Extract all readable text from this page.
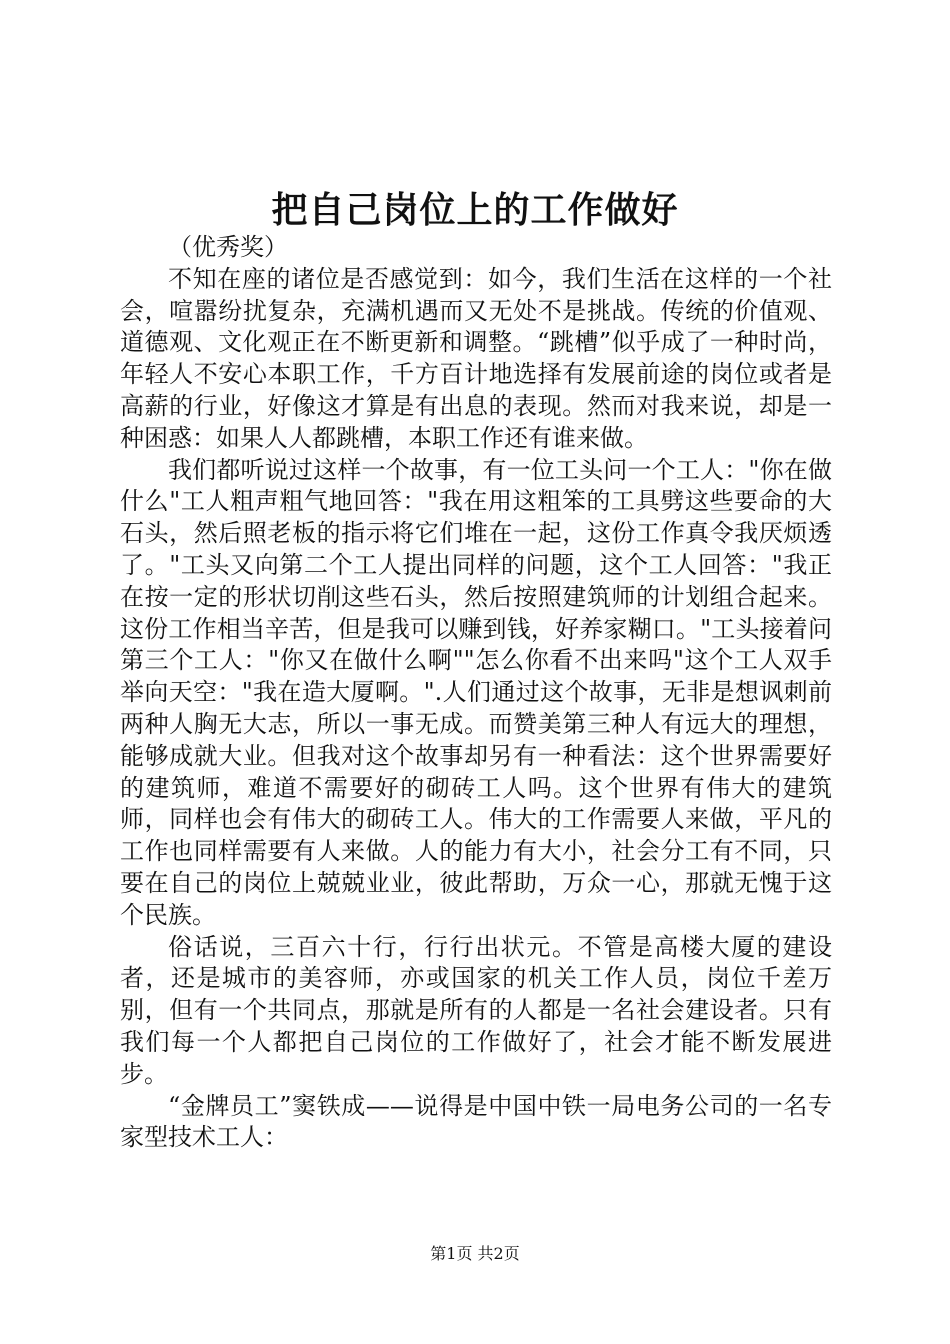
把自己岗位上的工作做好

（优秀奖）

不知在座的诸位是否感觉到：如今，我们生活在这样的一个社会，喧嚣纷扰复杂，充满机遇而又无处不是挑战。传统的价值观、道德观、文化观正在不断更新和调整。“跳槽”似乎成了一种时尚，年轻人不安心本职工作，千方百计地选择有发展前途的岗位或者是高薪的行业，好像这才算是有出息的表现。然而对我来说，却是一种困惑：如果人人都跳槽，本职工作还有谁来做。

我们都听说过这样一个故事，有一位工头问一个工人："你在做什么"工人粗声粗气地回答："我在用这粗笨的工具劈这些要命的大石头，然后照老板的指示将它们堆在一起，这份工作真令我厌烦透了。"工头又向第二个工人提出同样的问题，这个工人回答："我正在按一定的形状切削这些石头，然后按照建筑师的计划组合起来。这份工作相当辛苦，但是我可以赚到钱，好养家糊口。"工头接着问第三个工人："你又在做什么啊""怎么你看不出来吗"这个工人双手举向天空："我在造大厦啊。".人们通过这个故事，无非是想讽刺前两种人胸无大志，所以一事无成。而赞美第三种人有远大的理想，能够成就大业。但我对这个故事却另有一种看法：这个世界需要好的建筑师，难道不需要好的砌砖工人吗。这个世界有伟大的建筑师，同样也会有伟大的砌砖工人。伟大的工作需要人来做，平凡的工作也同样需要有人来做。人的能力有大小，社会分工有不同，只要在自己的岗位上兢兢业业，彼此帮助，万众一心，那就无愧于这个民族。

俗话说，三百六十行，行行出状元。不管是高楼大厦的建设者，还是城市的美容师，亦或国家的机关工作人员，岗位千差万别，但有一个共同点，那就是所有的人都是一名社会建设者。只有我们每一个人都把自己岗位的工作做好了，社会才能不断发展进步。

“金牌员工”窦铁成——说得是中国中铁一局电务公司的一名专家型技术工人：

第1页 共2页
